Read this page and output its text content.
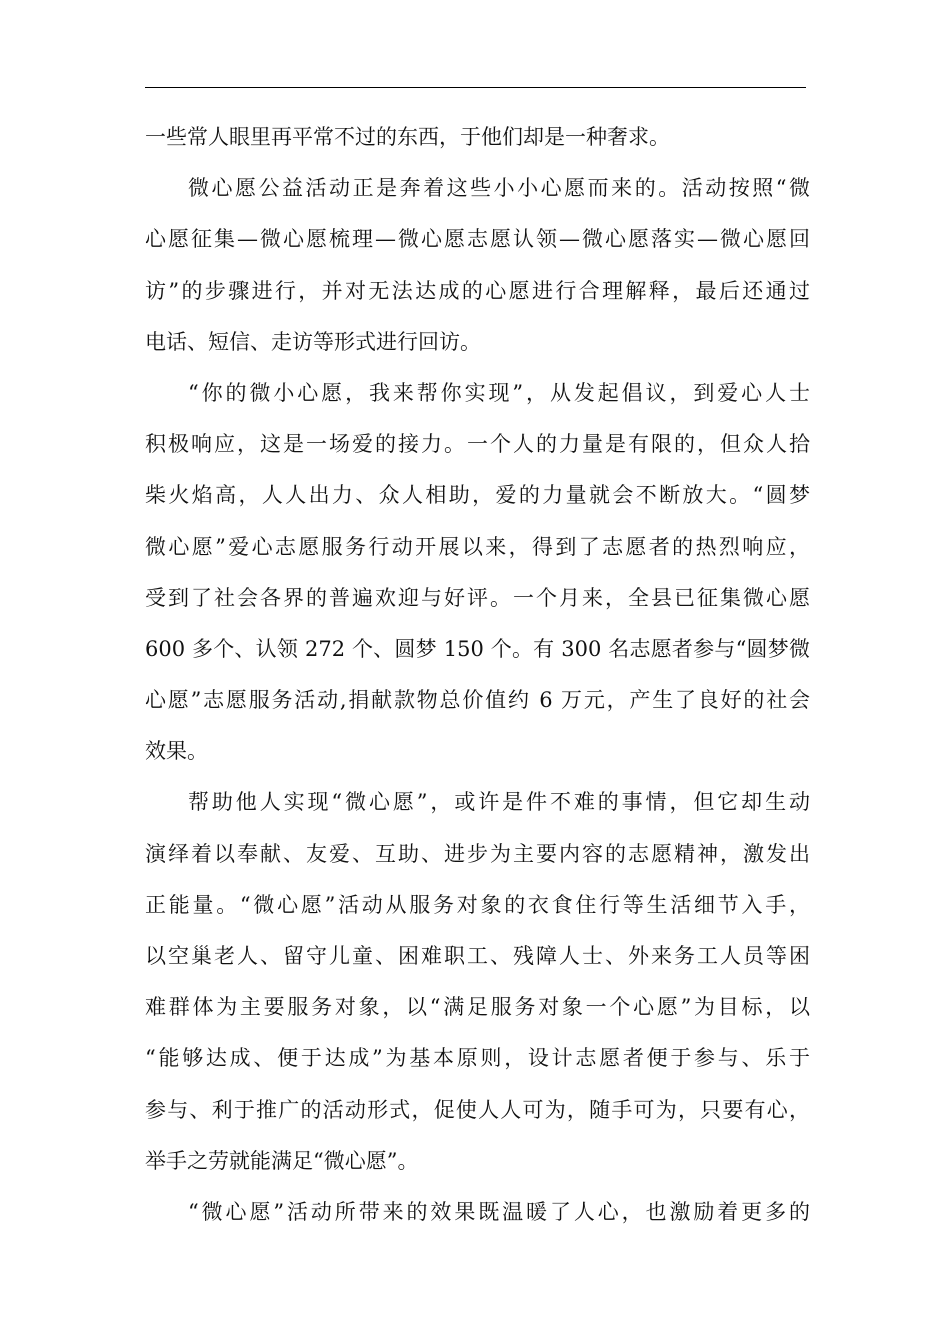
一些常人眼里再平常不过的东西，于他们却是一种奢求。
微心愿公益活动正是奔着这些小小心愿而来的。活动按照“微
心愿征集—微心愿梳理—微心愿志愿认领—微心愿落实—微心愿回
访”的步骤进行，并对无法达成的心愿进行合理解释，最后还通过
电话、短信、走访等形式进行回访。
“你的微小心愿，我来帮你实现”，从发起倡议，到爱心人士
积极响应，这是一场爱的接力。一个人的力量是有限的，但众人拾
柴火焰高，人人出力、众人相助，爱的力量就会不断放大。“圆梦
微心愿”爱心志愿服务行动开展以来，得到了志愿者的热烈响应，
受到了社会各界的普遍欢迎与好评。一个月来，全县已征集微心愿
600 多个、认领 272 个、圆梦 150 个。有 300 名志愿者参与“圆梦微
心愿”志愿服务活动,捐献款物总价值约 6 万元，产生了良好的社会
效果。
帮助他人实现“微心愿”，或许是件不难的事情，但它却生动
演绎着以奉献、友爱、互助、进步为主要内容的志愿精神，激发出
正能量。“微心愿”活动从服务对象的衣食住行等生活细节入手，
以空巢老人、留守儿童、困难职工、残障人士、外来务工人员等困
难群体为主要服务对象，以“满足服务对象一个心愿”为目标，以
“能够达成、便于达成”为基本原则，设计志愿者便于参与、乐于
参与、利于推广的活动形式，促使人人可为，随手可为，只要有心，
举手之劳就能满足“微心愿”。
“微心愿”活动所带来的效果既温暖了人心，也激励着更多的
